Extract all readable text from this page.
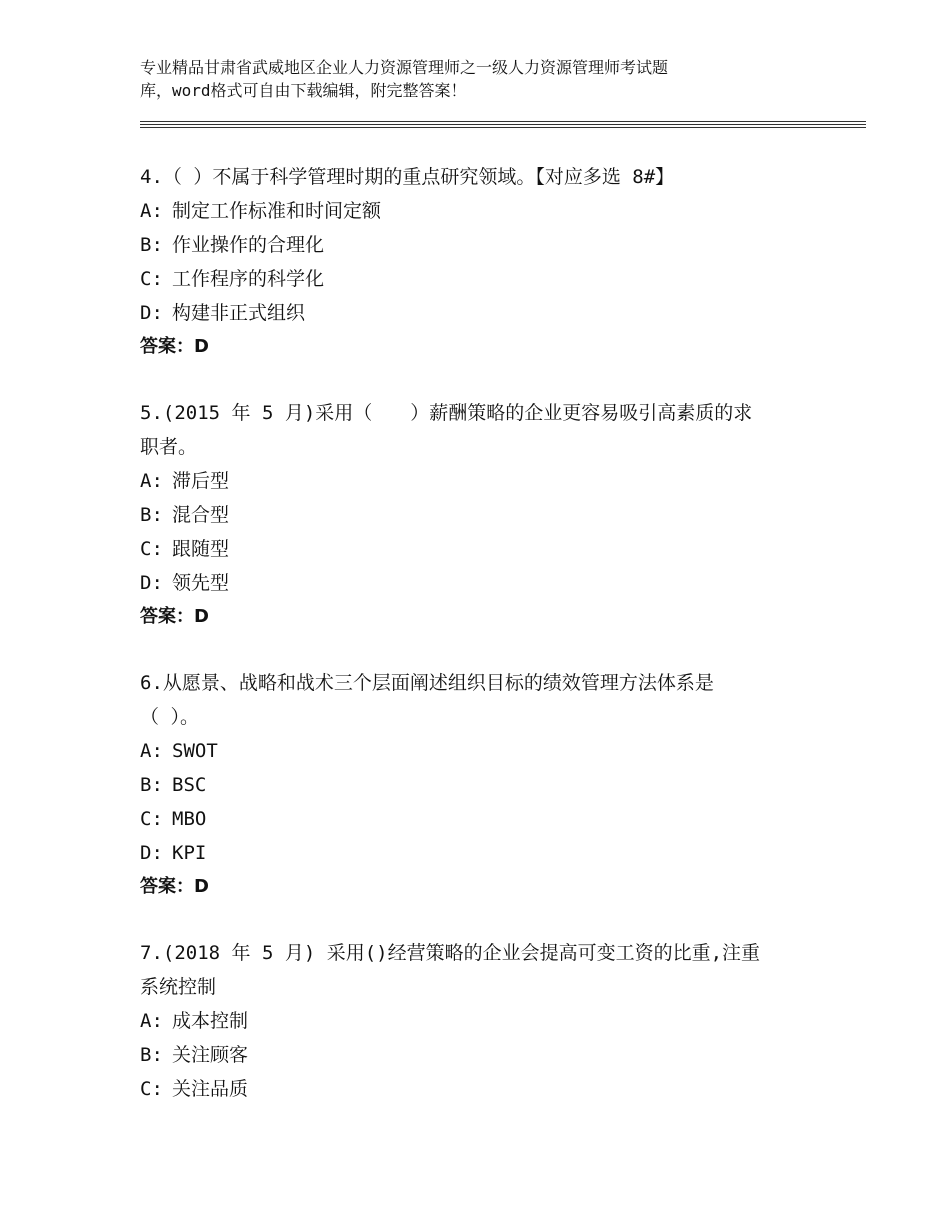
专业精品甘肃省武威地区企业人力资源管理师之一级人力资源管理师考试题
库，word格式可自由下载编辑，附完整答案！
4.（ ）不属于科学管理时期的重点研究领域。【对应多选 8#】
A: 制定工作标准和时间定额
B: 作业操作的合理化
C: 工作程序的科学化
D: 构建非正式组织
答案：D
5.(2015 年 5 月)采用（　　）薪酬策略的企业更容易吸引高素质的求
职者。
A: 滞后型
B: 混合型
C: 跟随型
D: 领先型
答案：D
6.从愿景、战略和战术三个层面阐述组织目标的绩效管理方法体系是
（ ）。
A: SWOT
B: BSC
C: MBO
D: KPI
答案：D
7.(2018 年 5 月) 采用()经营策略的企业会提高可变工资的比重,注重
系统控制
A: 成本控制
B: 关注顾客
C: 关注品质
